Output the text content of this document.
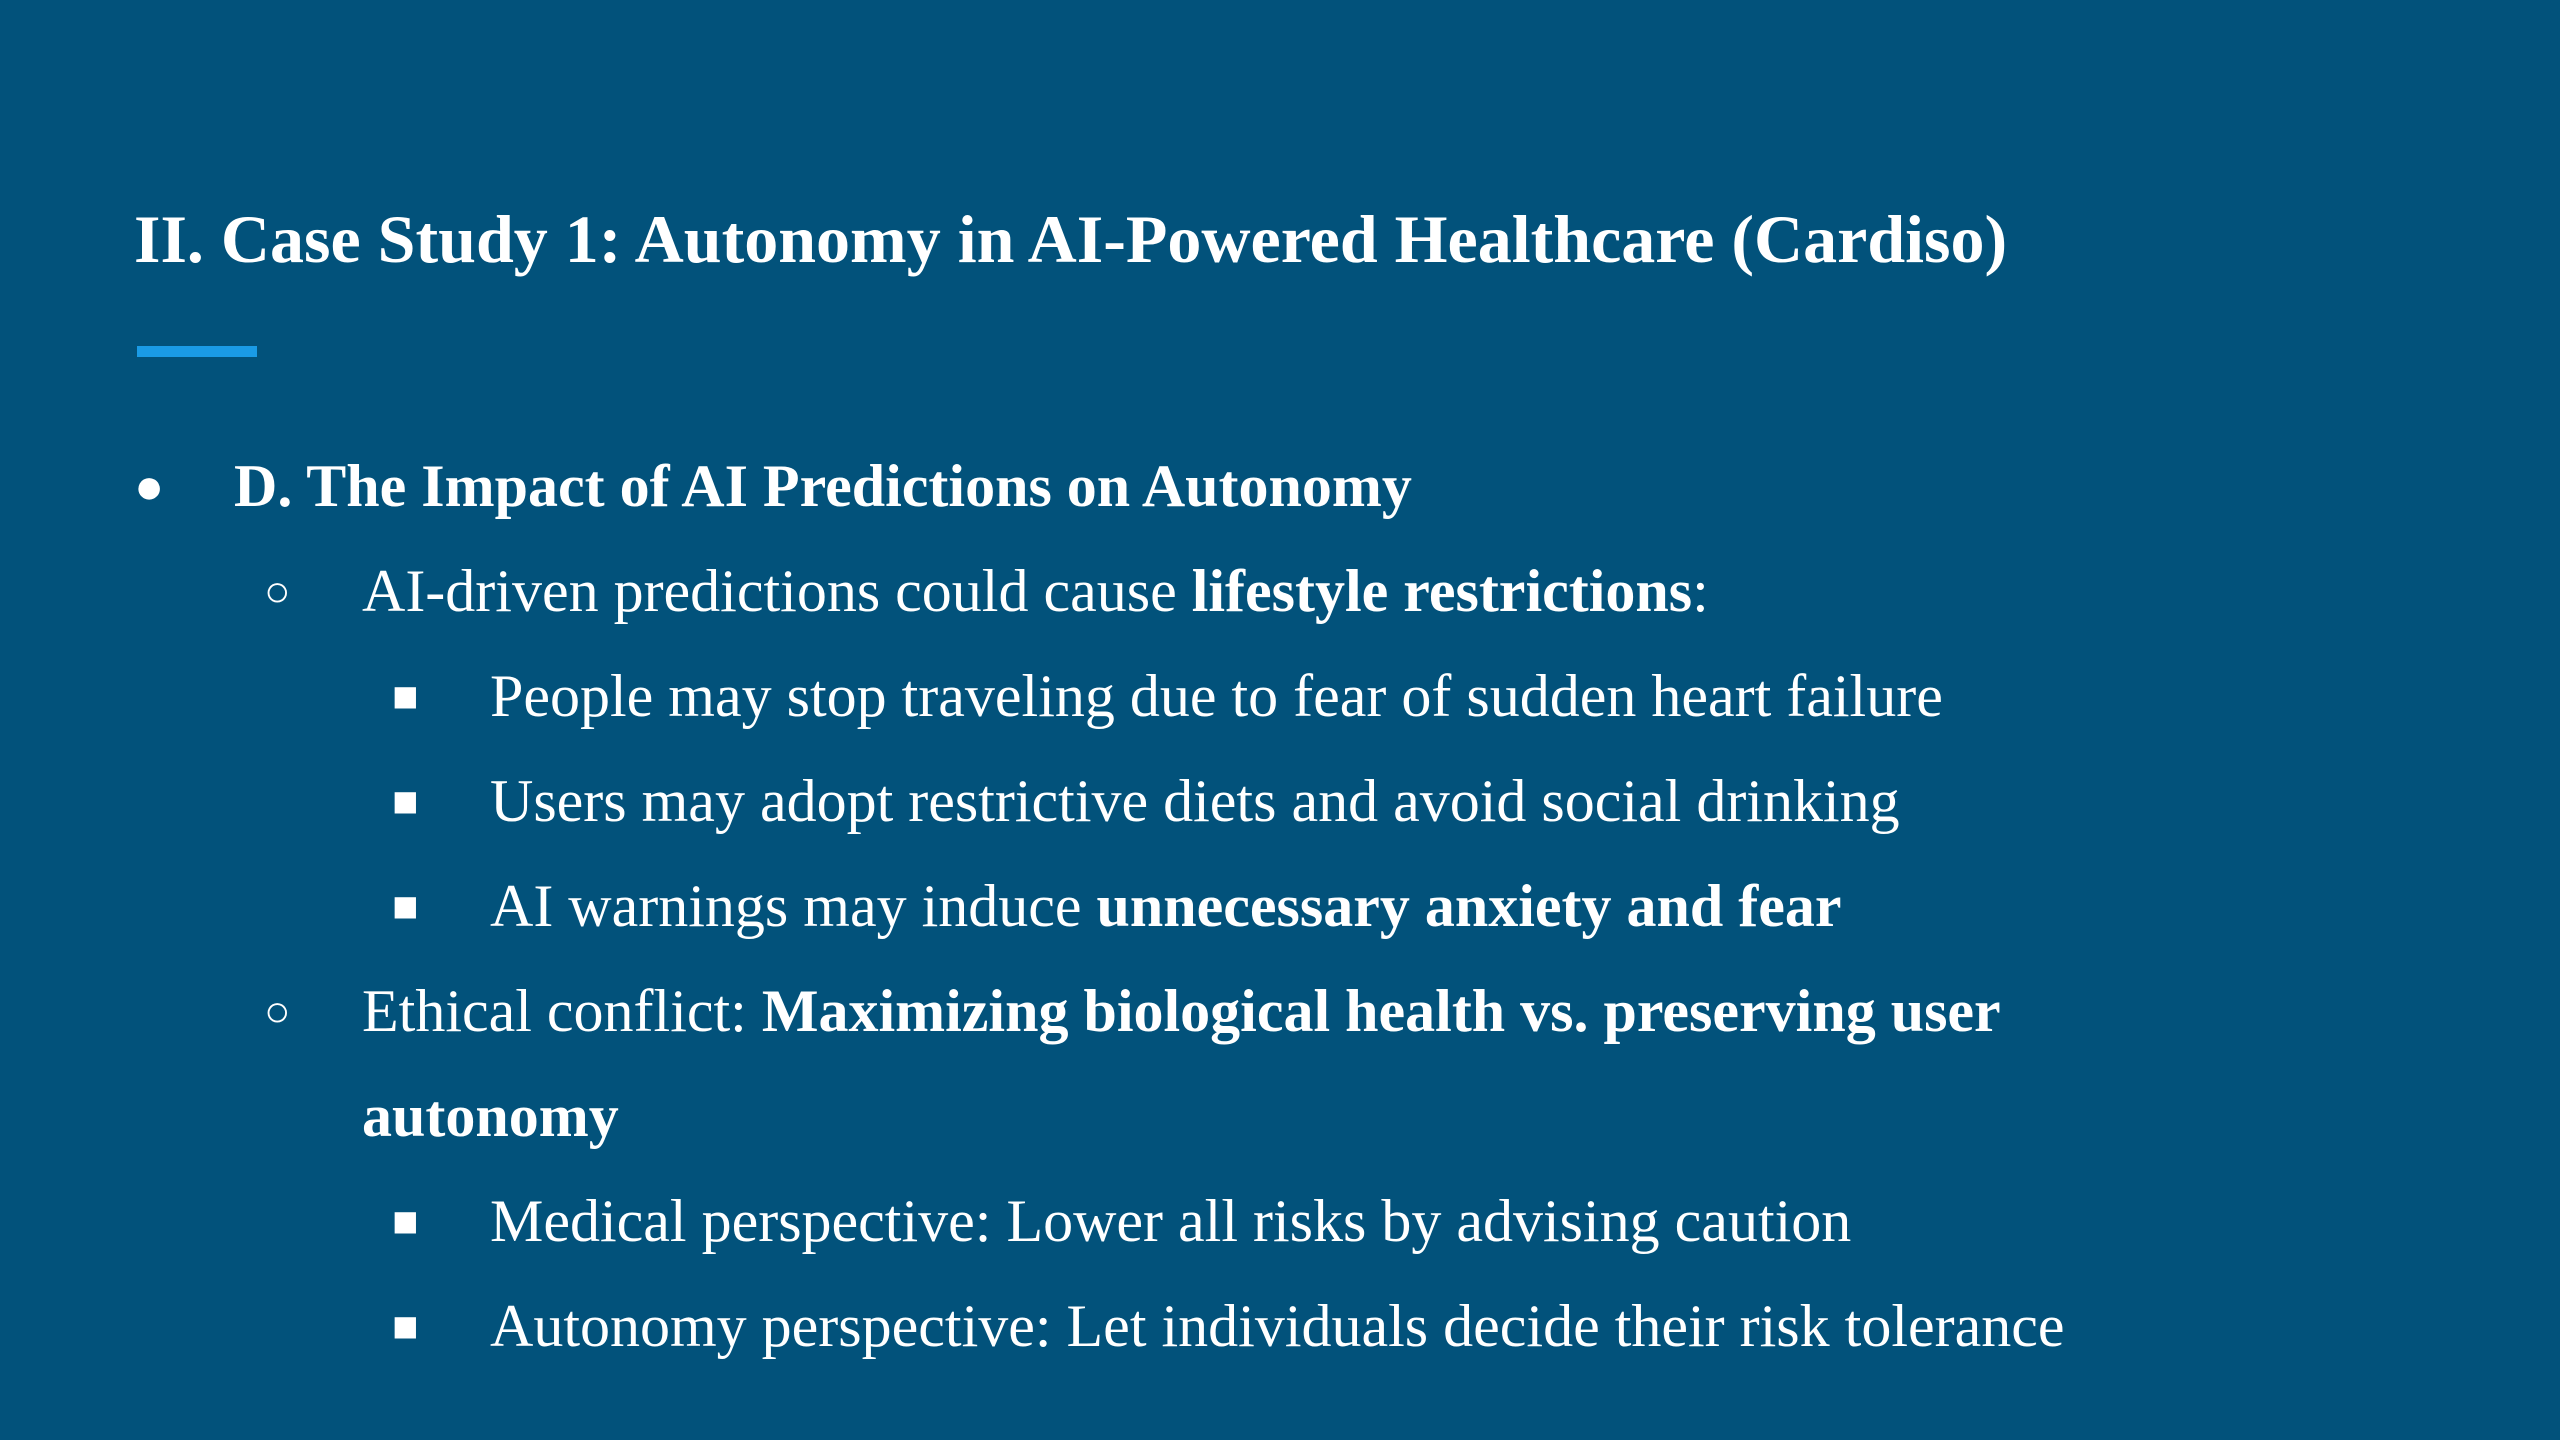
II. Case Study 1: Autonomy in AI-Powered Healthcare (Cardiso)
● D. The Impact of AI Predictions on Autonomy
○ AI-driven predictions could cause lifestyle restrictions:
■ People may stop traveling due to fear of sudden heart failure
■ Users may adopt restrictive diets and avoid social drinking
■ AI warnings may induce unnecessary anxiety and fear
○ Ethical conflict: Maximizing biological health vs. preserving user
autonomy
■ Medical perspective: Lower all risks by advising caution
■ Autonomy perspective: Let individuals decide their risk tolerance
